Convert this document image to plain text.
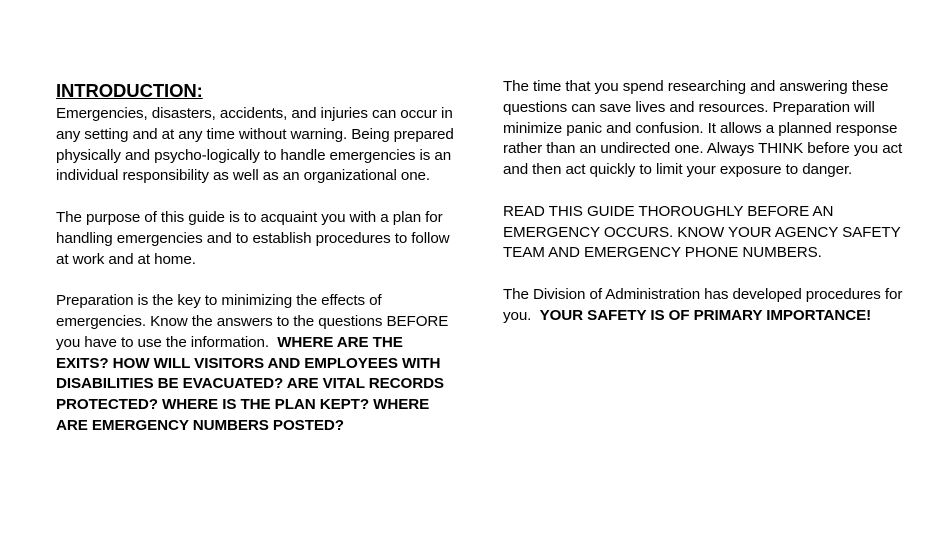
INTRODUCTION:

Emergencies, disasters, accidents, and injuries can occur in any setting and at any time without warning. Being prepared physically and psycho-logically to handle emergencies is an individual responsibility as well as an organizational one.

The purpose of this guide is to acquaint you with a plan for handling emergencies and to establish procedures to follow at work and at home.

Preparation is the key to minimizing the effects of emergencies. Know the answers to the questions BEFORE you have to use the information. WHERE ARE THE EXITS? HOW WILL VISITORS AND EMPLOYEES WITH DISABILITIES BE EVACUATED? ARE VITAL RECORDS PROTECTED? WHERE IS THE PLAN KEPT? WHERE ARE EMERGENCY NUMBERS POSTED?

The time that you spend researching and answering these questions can save lives and resources. Preparation will minimize panic and confusion. It allows a planned response rather than an undirected one. Always THINK before you act and then act quickly to limit your exposure to danger.

READ THIS GUIDE THOROUGHLY BEFORE AN EMERGENCY OCCURS. KNOW YOUR AGENCY SAFETY TEAM AND EMERGENCY PHONE NUMBERS.

The Division of Administration has developed procedures for you. YOUR SAFETY IS OF PRIMARY IMPORTANCE!
